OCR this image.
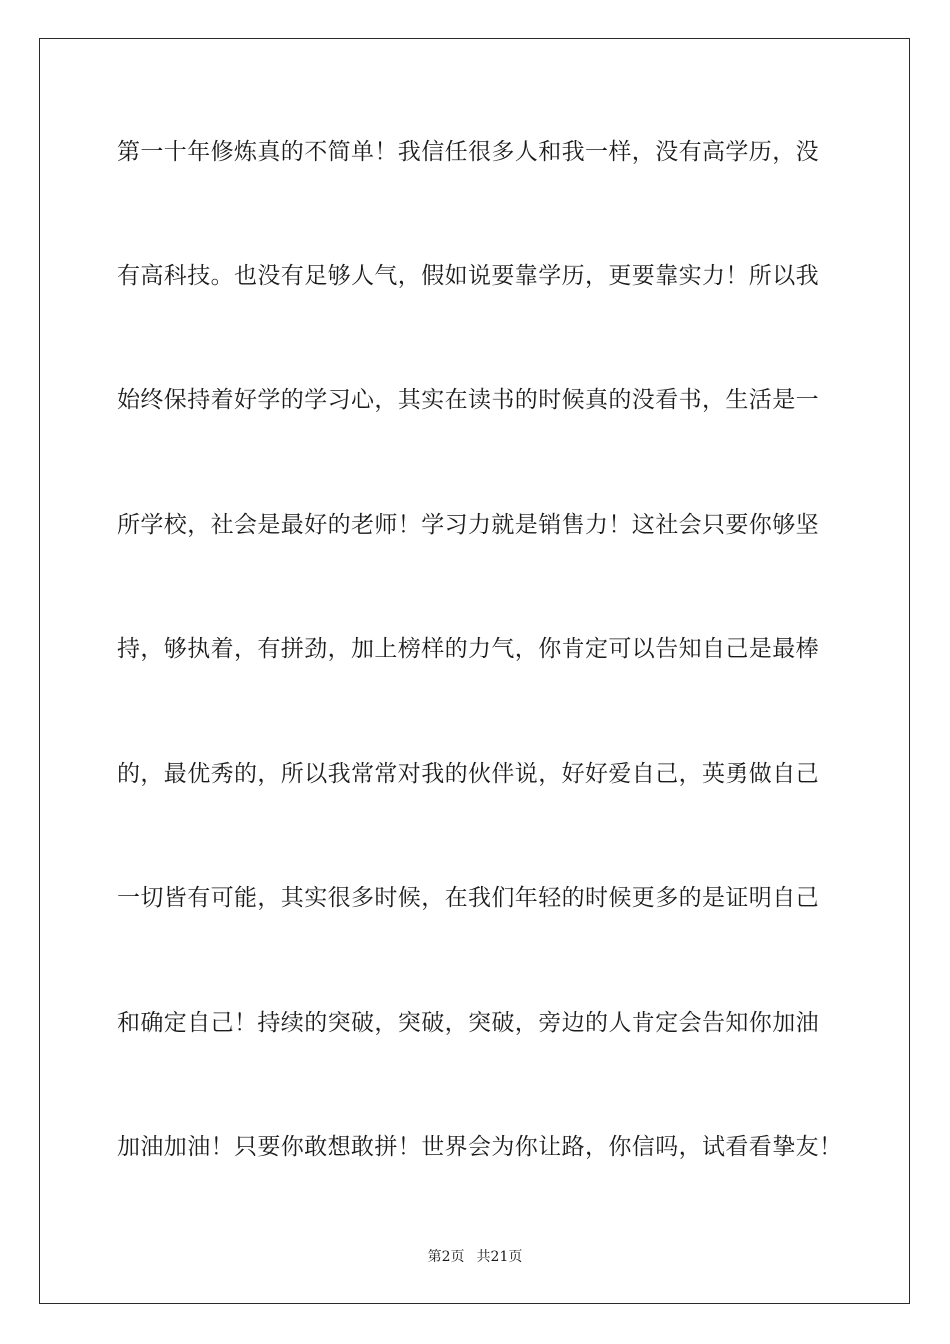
第一十年修炼真的不简单！我信任很多人和我一样，没有高学历，没
有高科技。也没有足够人气，假如说要靠学历，更要靠实力！所以我
始终保持着好学的学习心，其实在读书的时候真的没看书，生活是一
所学校，社会是最好的老师！学习力就是销售力！这社会只要你够坚
持，够执着，有拼劲，加上榜样的力气，你肯定可以告知自己是最棒
的，最优秀的，所以我常常对我的伙伴说，好好爱自己，英勇做自己
一切皆有可能，其实很多时候，在我们年轻的时候更多的是证明自己
和确定自己！持续的突破，突破，突破，旁边的人肯定会告知你加油
加油加油！只要你敢想敢拼！世界会为你让路，你信吗，试看看挚友！
第2页 共21页
